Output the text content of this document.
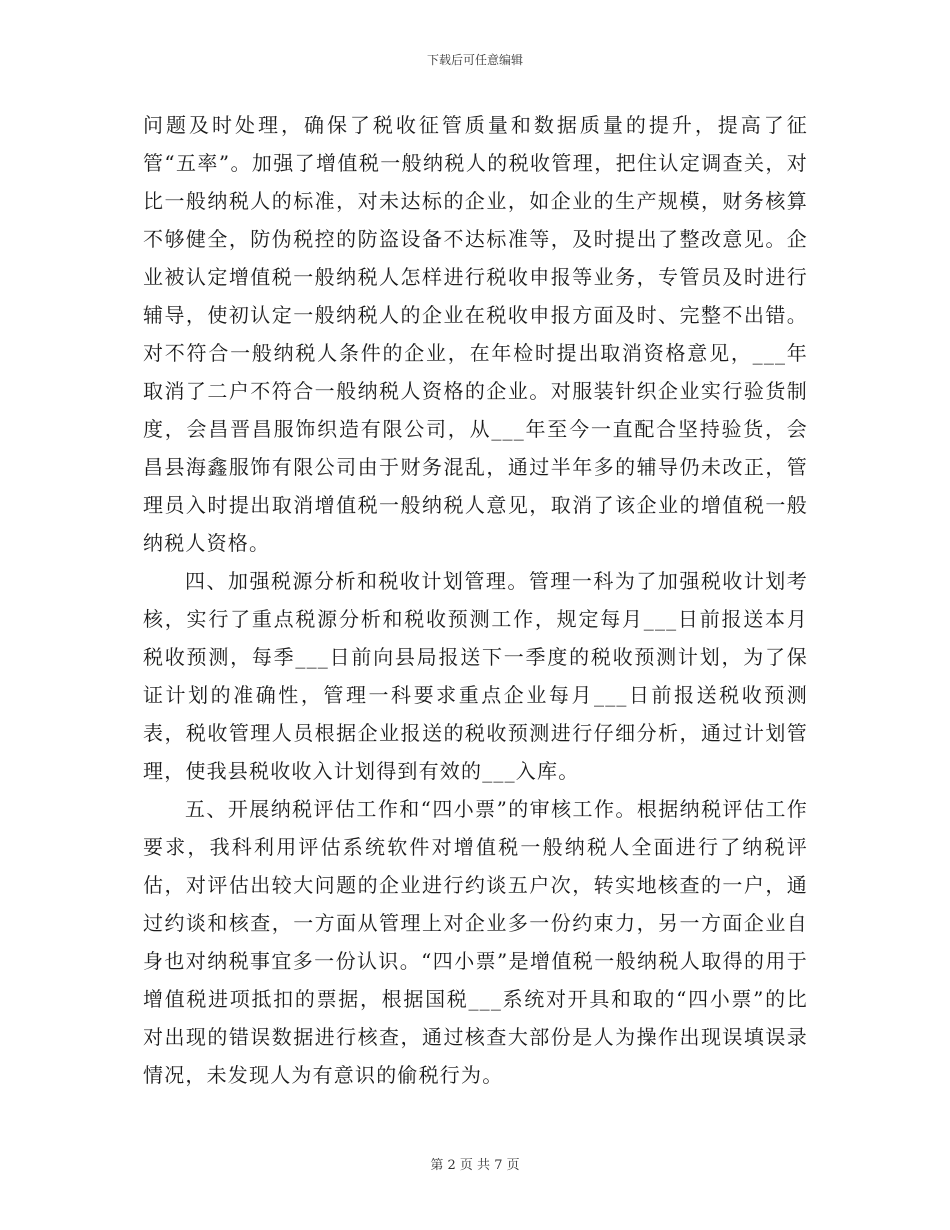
下载后可任意编辑

问题及时处理，确保了税收征管质量和数据质量的提升，提高了征管“五率”。加强了增值税一般纳税人的税收管理，把住认定调查关，对比一般纳税人的标准，对未达标的企业，如企业的生产规模，财务核算不够健全，防伪税控的防盗设备不达标准等，及时提出了整改意见。企业被认定增值税一般纳税人怎样进行税收申报等业务，专管员及时进行辅导，使初认定一般纳税人的企业在税收申报方面及时、完整不出错。对不符合一般纳税人条件的企业，在年检时提出取消资格意见，___年取消了二户不符合一般纳税人资格的企业。对服装针织企业实行验货制度，会昌晋昌服饰织造有限公司，从___年至今一直配合坚持验货，会昌县海鑫服饰有限公司由于财务混乱，通过半年多的辅导仍未改正，管理员入时提出取消增值税一般纳税人意见，取消了该企业的增值税一般纳税人资格。

四、加强税源分析和税收计划管理。管理一科为了加强税收计划考核，实行了重点税源分析和税收预测工作，规定每月___日前报送本月税收预测，每季___日前向县局报送下一季度的税收预测计划，为了保证计划的准确性，管理一科要求重点企业每月___日前报送税收预测表，税收管理人员根据企业报送的税收预测进行仔细分析，通过计划管理，使我县税收收入计划得到有效的___入库。

五、开展纳税评估工作和“四小票”的审核工作。根据纳税评估工作要求，我科利用评估系统软件对增值税一般纳税人全面进行了纳税评估，对评估出较大问题的企业进行约谈五户次，转实地核查的一户，通过约谈和核查，一方面从管理上对企业多一份约束力，另一方面企业自身也对纳税事宜多一份认识。“四小票”是增值税一般纳税人取得的用于增值税进项抵扣的票据，根据国税___系统对开具和取的“四小票”的比对出现的错误数据进行核查，通过核查大部份是人为操作出现误填误录情况，未发现人为有意识的偷税行为。

第 2 页 共 7 页
